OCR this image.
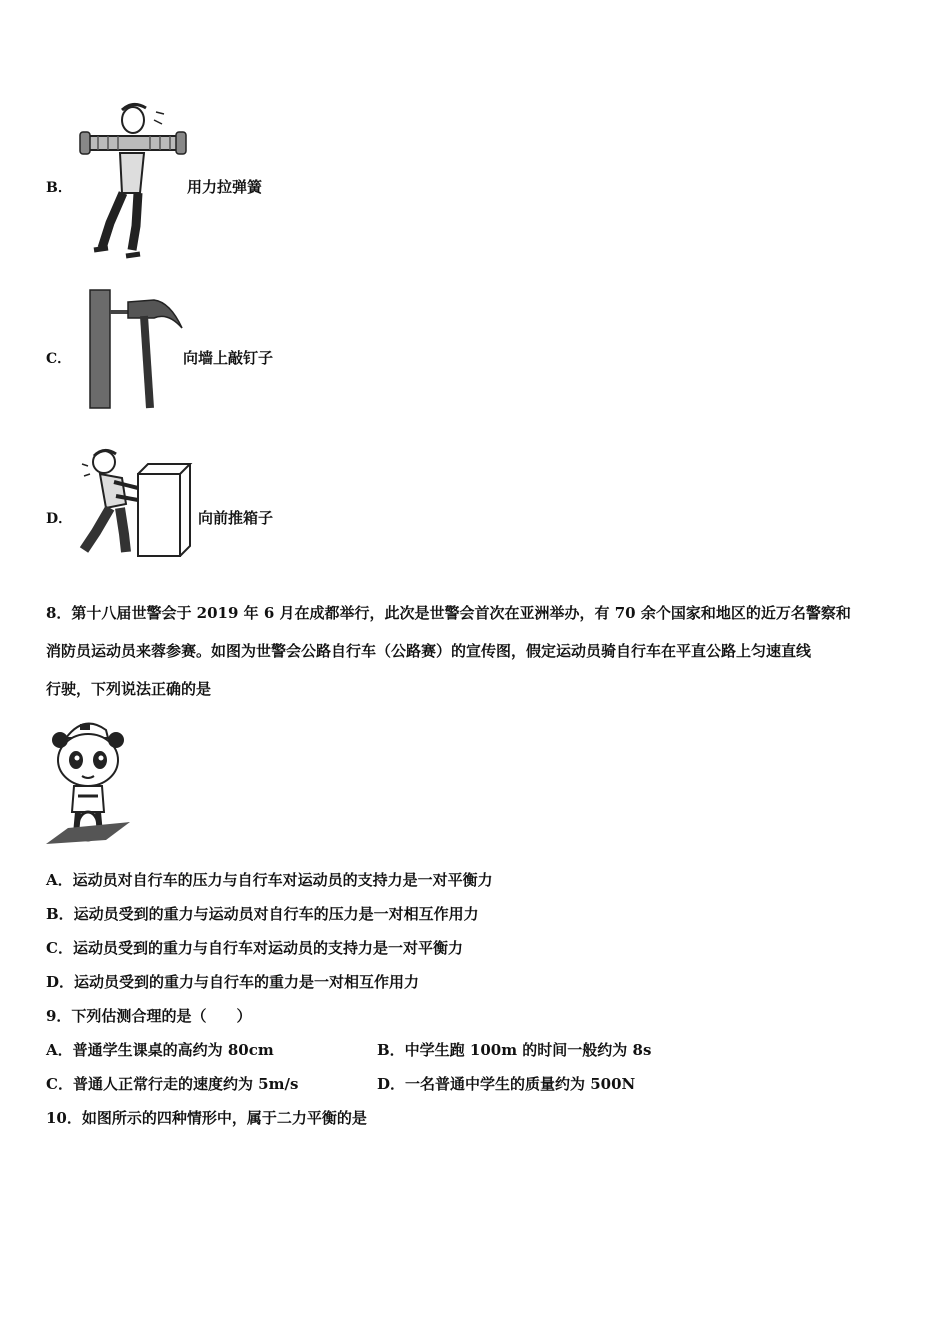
B．	用力拉弹簧
C．	向墙上敲钉子
D．	向前推箱子
8．第十八届世警会于 2019 年 6 月在成都举行，此次是世警会首次在亚洲举办，有 70 余个国家和地区的近万名警察和
消防员运动员来蓉参赛。如图为世警会公路自行车（公路赛）的宣传图，假定运动员骑自行车在平直公路上匀速直线
行驶，下列说法正确的是
A．运动员对自行车的压力与自行车对运动员的支持力是一对平衡力
B．运动员受到的重力与运动员对自行车的压力是一对相互作用力
C．运动员受到的重力与自行车对运动员的支持力是一对平衡力
D．运动员受到的重力与自行车的重力是一对相互作用力
9．下列估测合理的是（　　）
A．普通学生课桌的高约为 80cm	B．中学生跑 100m 的时间一般约为 8s
C．普通人正常行走的速度约为 5m/s	D．一名普通中学生的质量约为 500N
10．如图所示的四种情形中，属于二力平衡的是
